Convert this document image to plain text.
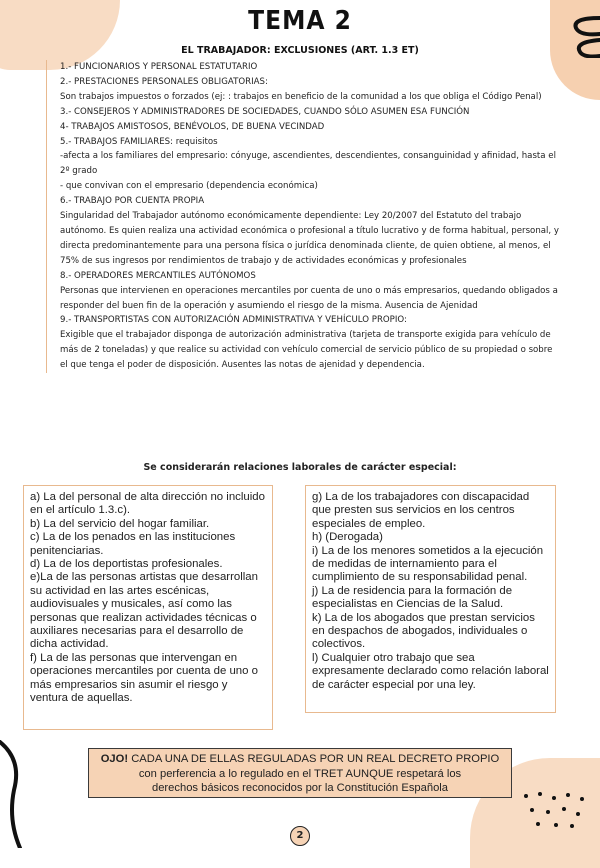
TEMA 2
EL TRABAJADOR: EXCLUSIONES (ART. 1.3 ET)

1.- FUNCIONARIOS Y PERSONAL ESTATUTARIO

2.- PRESTACIONES PERSONALES OBLIGATORIAS:

Son trabajos impuestos o forzados (ej: : trabajos en beneficio de la comunidad a los que obliga el Código Penal)

3.- CONSEJEROS Y ADMINISTRADORES DE SOCIEDADES, CUANDO SÓLO ASUMEN ESA FUNCIÓN

4- TRABAJOS AMISTOSOS, BENÉVOLOS, DE BUENA VECINDAD

5.- TRABAJOS FAMILIARES: requisitos

-afecta a los familiares del empresario: cónyuge, ascendientes, descendientes, consanguinidad y afinidad, hasta el 2º grado

- que convivan con el empresario (dependencia económica)

6.- TRABAJO POR CUENTA PROPIA

Singularidad del Trabajador autónomo económicamente dependiente: Ley 20/2007 del Estatuto del trabajo autónomo. Es quien realiza una actividad económica o profesional a título lucrativo y de forma habitual, personal, y directa predominantemente para una persona física o jurídica denominada cliente, de quien obtiene, al menos, el 75% de sus ingresos por rendimientos de trabajo y de actividades económicas y profesionales

8.- OPERADORES MERCANTILES AUTÓNOMOS

Personas que intervienen en operaciones mercantiles por cuenta de uno o más empresarios, quedando obligados a responder del buen fin de la operación y asumiendo el riesgo de la misma. Ausencia de Ajenidad

9.- TRANSPORTISTAS CON AUTORIZACIÓN ADMINISTRATIVA Y VEHÍCULO PROPIO:

Exigible que el trabajador disponga de autorización administrativa (tarjeta de transporte exigida para vehículo de más de 2 toneladas) y que realice su actividad con vehículo comercial de servicio público de su propiedad o sobre el que tenga el poder de disposición. Ausentes las notas de ajenidad y dependencia.

Se considerarán relaciones laborales de carácter especial:

a) La del personal de alta dirección no incluido en el artículo 1.3.c).

b) La del servicio del hogar familiar.

c) La de los penados en las instituciones penitenciarias.

d) La de los deportistas profesionales.

e)La de las personas artistas que desarrollan su actividad en las artes escénicas, audiovisuales y musicales, así como las personas que realizan actividades técnicas o auxiliares necesarias para el desarrollo de dicha actividad.

f) La de las personas que intervengan en operaciones mercantiles por cuenta de uno o más empresarios sin asumir el riesgo y ventura de aquellas.

g) La de los trabajadores con discapacidad que presten sus servicios en los centros especiales de empleo.

h) (Derogada)

i) La de los menores sometidos a la ejecución de medidas de internamiento para el cumplimiento de su responsabilidad penal.

j) La de residencia para la formación de especialistas en Ciencias de la Salud.

k) La de los abogados que prestan servicios en despachos de abogados, individuales o colectivos.

l) Cualquier otro trabajo que sea expresamente declarado como relación laboral de carácter especial por una ley.

OJO! CADA UNA DE ELLAS REGULADAS POR UN REAL DECRETO PROPIO
con perferencia a lo regulado en el TRET AUNQUE respetará los
derechos básicos reconocidos por la Constitución Española
2
